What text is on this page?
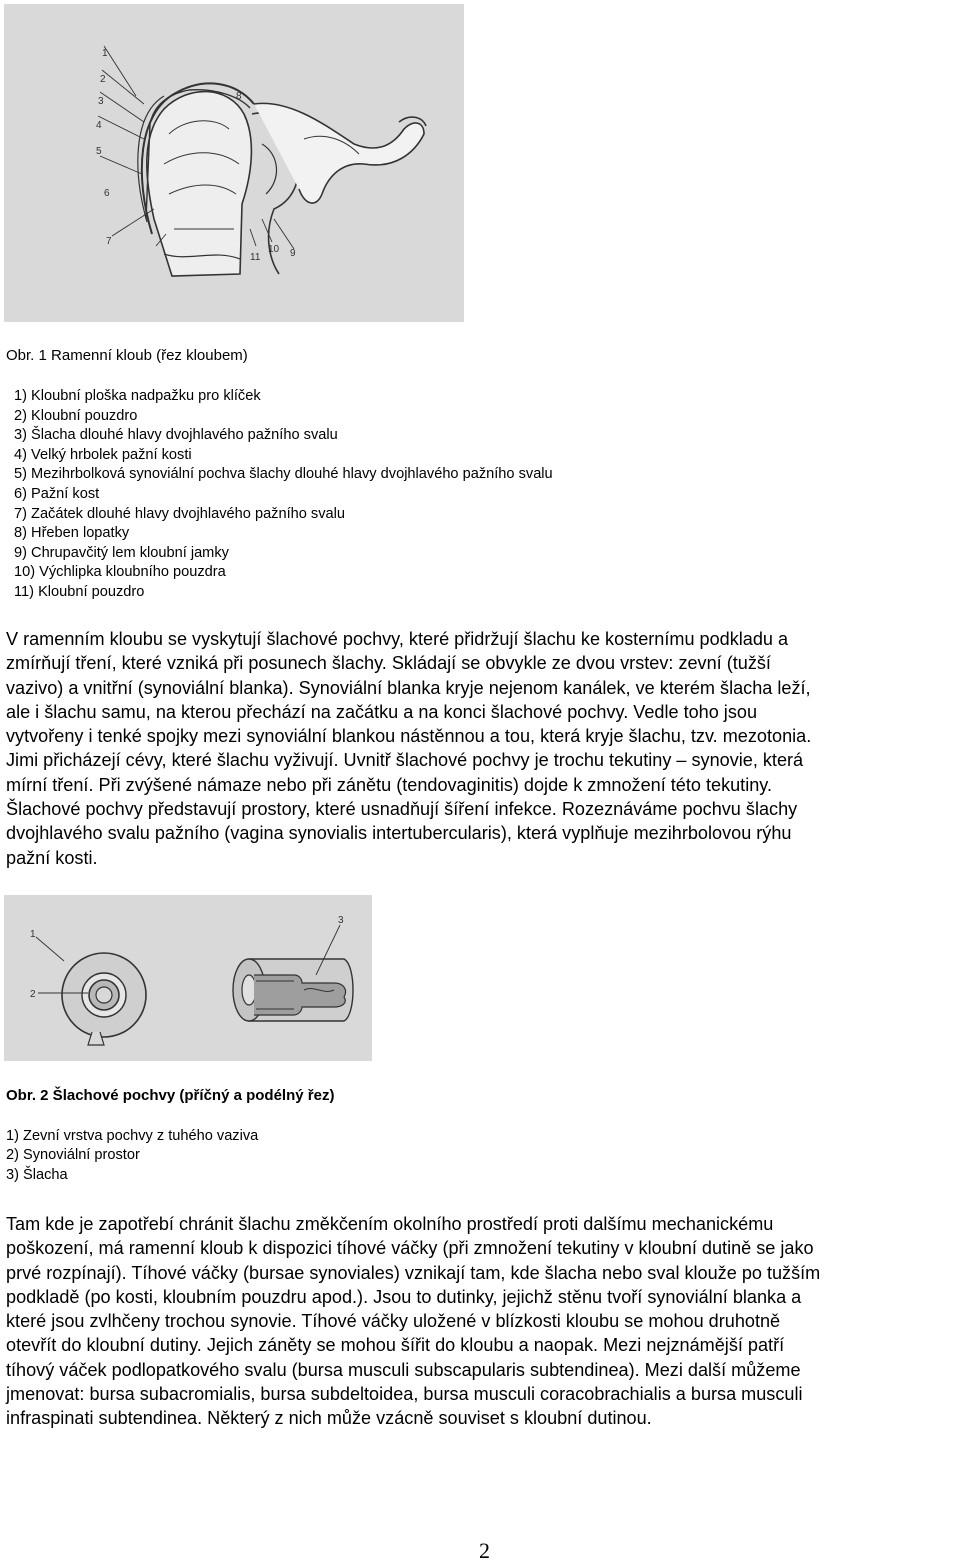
8
1
2
3
4
5
6
7
11
10 9
Obr. 1 Ramenní kloub (řez kloubem)
1) Kloubní ploška nadpažku pro klíček
2) Kloubní pouzdro
3) Šlacha dlouhé hlavy dvojhlavého pažního svalu
4) Velký hrbolek pažní kosti
5) Mezihrbolková synoviální pochva šlachy dlouhé hlavy dvojhlavého pažního svalu
6) Pažní kost
7) Začátek dlouhé hlavy dvojhlavého pažního svalu
8) Hřeben lopatky
9) Chrupavčitý lem kloubní jamky
10) Výchlipka kloubního pouzdra
11) Kloubní pouzdro

V ramenním kloubu se vyskytují šlachové pochvy, které přidržují šlachu ke kosternímu podkladu a
zmírňují tření, které vzniká při posunech šlachy. Skládají se obvykle ze dvou vrstev: zevní (tužší
vazivo) a vnitřní (synoviální blanka). Synoviální blanka kryje nejenom kanálek, ve kterém šlacha leží,
ale i šlachu samu, na kterou přechází na začátku a na konci šlachové pochvy. Vedle toho jsou
vytvořeny i tenké spojky mezi synoviální blankou nástěnnou a tou, která kryje šlachu, tzv. mezotonia.
Jimi přicházejí cévy, které šlachu vyživují. Uvnitř šlachové pochvy je trochu tekutiny – synovie, která
mírní tření. Při zvýšené námaze nebo při zánětu (tendovaginitis) dojde k zmnožení této tekutiny.
Šlachové pochvy představují prostory, které usnadňují šíření infekce. Rozeznáváme pochvu šlachy
dvojhlavého svalu pažního (vagina synovialis intertubercularis), která vyplňuje mezihrbolovou rýhu
pažní kosti.

1
2
3
Obr. 2 Šlachové pochvy (příčný a podélný řez)
1) Zevní vrstva pochvy z tuhého vaziva
2) Synoviální prostor
3) Šlacha

Tam kde je zapotřebí chránit šlachu změkčením okolního prostředí proti dalšímu mechanickému
poškození, má ramenní kloub k dispozici tíhové váčky (při zmnožení tekutiny v kloubní dutině se jako
prvé rozpínají). Tíhové váčky (bursae synoviales) vznikají tam, kde šlacha nebo sval klouže po tužším
podkladě (po kosti, kloubním pouzdru apod.). Jsou to dutinky, jejichž stěnu tvoří synoviální blanka a
které jsou zvlhčeny trochou synovie. Tíhové váčky uložené v blízkosti kloubu se mohou druhotně
otevřít do kloubní dutiny. Jejich záněty se mohou šířit do kloubu a naopak. Mezi nejznámější patří
tíhový váček podlopatkového svalu (bursa musculi subscapularis subtendinea). Mezi další můžeme
jmenovat: bursa subacromialis, bursa subdeltoidea, bursa musculi coracobrachialis a bursa musculi
infraspinati subtendinea. Některý z nich může vzácně souviset s kloubní dutinou.

2
